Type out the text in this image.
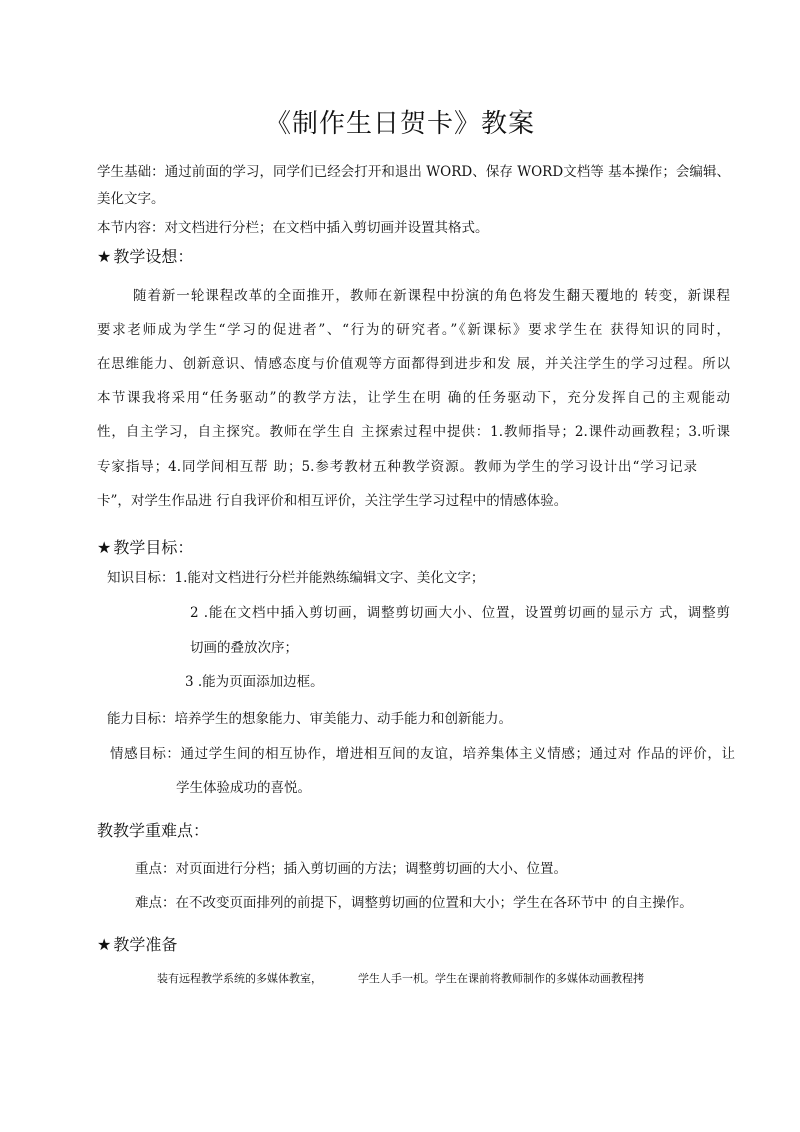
《制作生日贺卡》教案
学生基础：通过前面的学习，同学们已经会打开和退出 WORD、保存 WORD文档等 基本操作；会编辑、
美化文字。
本节内容：对文档进行分栏；在文档中插入剪切画并设置其格式。
★ 教学设想：
随着新一轮课程改革的全面推开，教师在新课程中扮演的角色将发生翻天覆地的 转变，新课程
要求老师成为学生“学习的促进者”、“行为的研究者。”《新课标》要求学生在 获得知识的同时，
在思维能力、创新意识、情感态度与价值观等方面都得到进步和发 展，并关注学生的学习过程。所以
本节课我将采用“任务驱动”的教学方法，让学生在明 确的任务驱动下，充分发挥自己的主观能动
性，自主学习，自主探究。教师在学生自 主探索过程中提供：1.教师指导；2.课件动画教程；3.听课
专家指导；4.同学间相互帮 助；5.参考教材五种教学资源。教师为学生的学习设计出“学习记录
卡”，对学生作品进 行自我评价和相互评价，关注学生学习过程中的情感体验。
★ 教学目标：
知识目标：1.能对文档进行分栏并能熟练编辑文字、美化文字；
2 .能在文档中插入剪切画，调整剪切画大小、位置，设置剪切画的显示方 式，调整剪
切画的叠放次序；
3 .能为页面添加边框。
能力目标：培养学生的想象能力、审美能力、动手能力和创新能力。
情感目标：通过学生间的相互协作，增进相互间的友谊，培养集体主义情感；通过对 作品的评价，让
学生体验成功的喜悦。
教教学重难点：
重点：对页面进行分档；插入剪切画的方法；调整剪切画的大小、位置。
难点：在不改变页面排列的前提下，调整剪切画的位置和大小；学生在各环节中 的自主操作。
★ 教学准备
装有远程教学系统的多媒体教室，	学生人手一机。学生在课前将教师制作的多媒体动画教程拷
